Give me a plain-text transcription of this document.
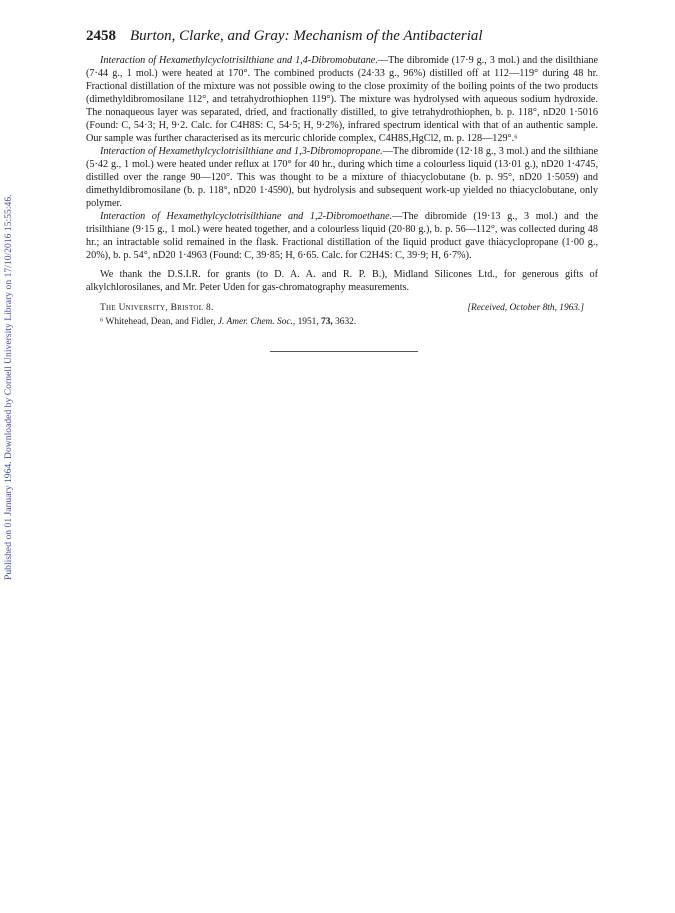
Published on 01 January 1964. Downloaded by Cornell University Library on 17/10/2016 15:55:46.
2458 Burton, Clarke, and Gray: Mechanism of the Antibacterial

Interaction of Hexamethylcyclotrisilthiane and 1,4-Dibromobutane.—The dibromide (17·9 g., 3 mol.) and the disilthiane (7·44 g., 1 mol.) were heated at 170°. The combined products (24·33 g., 96%) distilled off at 112—119° during 48 hr. Fractional distillation of the mixture was not possible owing to the close proximity of the boiling points of the two products (dimethyldibromosilane 112°, and tetrahydrothiophen 119°). The mixture was hydrolysed with aqueous sodium hydroxide. The nonaqueous layer was separated, dried, and fractionally distilled, to give tetrahydrothiophen, b. p. 118°, nD20 1·5016 (Found: C, 54·3; H, 9·2. Calc. for C4H8S: C, 54·5; H, 9·2%), infrared spectrum identical with that of an authentic sample. Our sample was further characterised as its mercuric chloride complex, C4H8S,HgCl2, m. p. 128—129°.⁶

Interaction of Hexamethylcyclotrisilthiane and 1,3-Dibromopropane.—The dibromide (12·18 g., 3 mol.) and the silthiane (5·42 g., 1 mol.) were heated under reflux at 170° for 40 hr., during which time a colourless liquid (13·01 g.), nD20 1·4745, distilled over the range 90—120°. This was thought to be a mixture of thiacyclobutane (b. p. 95°, nD20 1·5059) and dimethyldibromosilane (b. p. 118°, nD20 1·4590), but hydrolysis and subsequent work-up yielded no thiacyclobutane, only polymer.

Interaction of Hexamethylcyclotrisilthiane and 1,2-Dibromoethane.—The dibromide (19·13 g., 3 mol.) and the trisilthiane (9·15 g., 1 mol.) were heated together, and a colourless liquid (20·80 g.), b. p. 56—112°, was collected during 48 hr.; an intractable solid remained in the flask. Fractional distillation of the liquid product gave thiacyclopropane (1·00 g., 20%), b. p. 54°, nD20 1·4963 (Found: C, 39·85; H, 6·65. Calc. for C2H4S: C, 39·9; H, 6·7%).

We thank the D.S.I.R. for grants (to D. A. A. and R. P. B.), Midland Silicones Ltd., for generous gifts of alkylchlorosilanes, and Mr. Peter Uden for gas-chromatography measurements.

The University, Bristol 8.	[Received, October 8th, 1963.]
⁶ Whitehead, Dean, and Fidler, J. Amer. Chem. Soc., 1951, 73, 3632.
